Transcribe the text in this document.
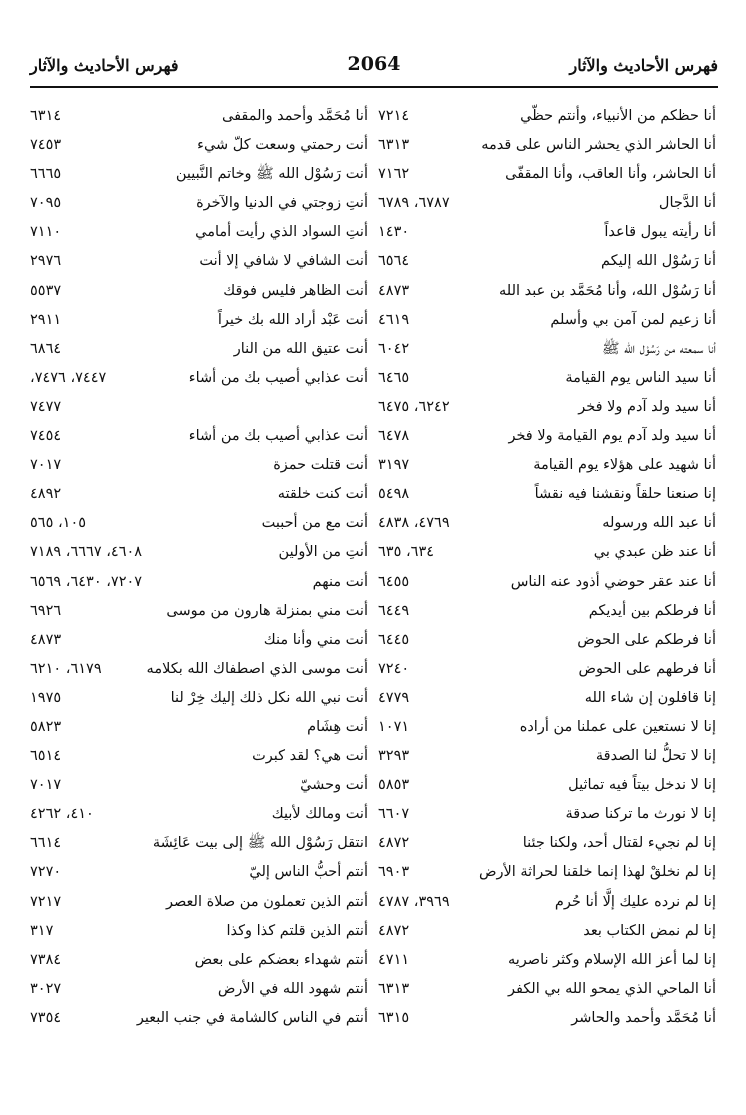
فهرس الأحاديث والآثار
2064
فهرس الأحاديث والآثار
أنا حظكم من الأنبياء، وأنتم حظّي
٧٢١٤
أنا الحاشر الذي يحشر الناس على قدمه
٦٣١٣
أنا الحاشر، وأنا العاقب، وأنا المقفّى
٧١٦٢
أنا الدَّجال
٦٧٨٧، ٦٧٨٩
أنا رأيته يبول قاعداً
١٤٣٠
أنا رَسُوْل الله إليكم
٦٥٦٤
أنا رَسُوْل الله، وأنا مُحَمَّد بن عبد الله
٤٨٧٣
أنا زعيم لمن آمن بي وأسلم
٤٦١٩
أنا سمعته من رَسُوْل الله ﷺ
٦٠٤٢
أنا سيد الناس يوم القيامة
٦٤٦٥
أنا سيد ولد آدم ولا فخر
٦٢٤٢، ٦٤٧٥
أنا سيد ولد آدم يوم القيامة ولا فخر
٦٤٧٨
أنا شهيد على هؤلاء يوم القيامة
٣١٩٧
إنا صنعنا حلقاً ونقشنا فيه نقشاً
٥٤٩٨
أنا عبد الله ورسوله
٤٧٦٩، ٤٨٣٨
أنا عند ظن عبدي بي
٦٣٤، ٦٣٥
أنا عند عقر حوضي أذود عنه الناس
٦٤٥٥
أنا فرطكم بين أيديكم
٦٤٤٩
أنا فرطكم على الحوض
٦٤٤٥
أنا فرطهم على الحوض
٧٢٤٠
إنا قافلون إن شاء الله
٤٧٧٩
إنا لا نستعين على عملنا من أراده
١٠٧١
إنا لا تحلُّ لنا الصدقة
٣٢٩٣
إنا لا ندخل بيتاً فيه تماثيل
٥٨٥٣
إنا لا نورث ما تركنا صدقة
٦٦٠٧
إنا لم نجيء لقتال أحد، ولكنا جئنا
٤٨٧٢
إنا لم نخلقْ لهذا إنما خلقنا لحراثة الأرض
٦٩٠٣
إنا لم نرده عليك إلَّا أنا حُرم
٣٩٦٩، ٤٧٨٧
إنا لم نمض الكتاب بعد
٤٨٧٢
إنا لما أعز الله الإسلام وكثر ناصريه
٤٧١١
أنا الماحي الذي يمحو الله بي الكفر
٦٣١٣
أنا مُحَمَّد وأحمد والحاشر
٦٣١٥
أنا مُحَمَّد وأحمد والمقفى
٦٣١٤
أنت رحمتي وسعت كلّ شيء
٧٤٥٣
أنت رَسُوْل الله ﷺ وخاتم النَّبيين
٦٦٦٥
أنتِ زوجتي في الدنيا والآخرة
٧٠٩٥
أنتِ السواد الذي رأيت أمامي
٧١١٠
أنت الشافي لا شافي إلا أنت
٢٩٧٦
أنت الظاهر فليس فوقك
٥٥٣٧
أنت عَبْد أراد الله بك خيراً
٢٩١١
أنت عتيق الله من النار
٦٨٦٤
أنت عذابي أصيب بك من أشاء
٧٤٤٧، ٧٤٧٦،
٧٤٧٧
أنت عذابي أصيب بك من أشاء
٧٤٥٤
أنت قتلت حمزة
٧٠١٧
أنت كنت خلقته
٤٨٩٢
أنت مع من أحببت
١٠٥، ٥٦٥
أنتِ من الأولين
٤٦٠٨، ٦٦٦٧، ٧١٨٩
أنت منهم
٧٢٠٧، ٦٤٣٠، ٦٥٦٩
أنت مني بمنزلة هارون من موسى
٦٩٢٦
أنت مني وأنا منك
٤٨٧٣
أنت موسى الذي اصطفاك الله بكلامه
٦١٧٩، ٦٢١٠
أنت نبي الله نكل ذلك إليك خِرْ لنا
١٩٧٥
أنت هِشَام
٥٨٢٣
أنت هي؟ لقد كبرت
٦٥١٤
أنت وحشيّ
٧٠١٧
أنت ومالك لأبيك
٤١٠، ٤٢٦٢
انتقل رَسُوْل الله ﷺ إلى بيت عَائِشَة
٦٦١٤
أنتم أحبُّ الناس إليّ
٧٢٧٠
أنتم الذين تعملون من صلاة العصر
٧٢١٧
أنتم الذين قلتم كذا وكذا
٣١٧
أنتم شهداء بعضكم على بعض
٧٣٨٤
أنتم شهود الله في الأرض
٣٠٢٧
أنتم في الناس كالشامة في جنب البعير
٧٣٥٤
